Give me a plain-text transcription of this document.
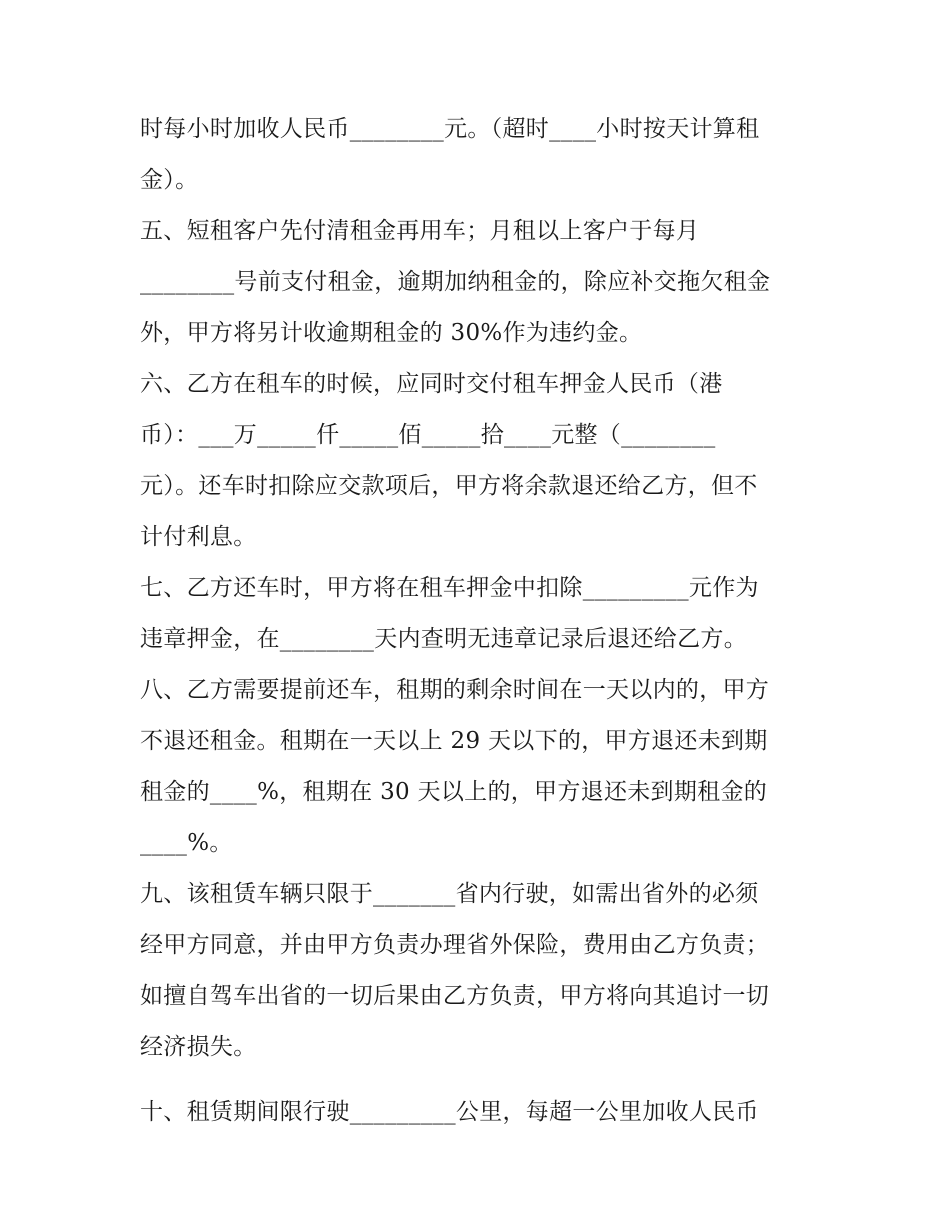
时每小时加收人民币________元。（超时____小时按天计算租
金）。
五、短租客户先付清租金再用车；月租以上客户于每月
________号前支付租金，逾期加纳租金的，除应补交拖欠租金
外，甲方将另计收逾期租金的 30%作为违约金。
六、乙方在租车的时候，应同时交付租车押金人民币（港
币）：___万_____仟_____佰_____拾____元整（________
元）。还车时扣除应交款项后，甲方将余款退还给乙方，但不
计付利息。
七、乙方还车时，甲方将在租车押金中扣除_________元作为
违章押金，在________天内查明无违章记录后退还给乙方。
八、乙方需要提前还车，租期的剩余时间在一天以内的，甲方
不退还租金。租期在一天以上 29 天以下的，甲方退还未到期
租金的____%，租期在 30 天以上的，甲方退还未到期租金的
____%。
九、该租赁车辆只限于_______省内行驶，如需出省外的必须
经甲方同意，并由甲方负责办理省外保险，费用由乙方负责；
如擅自驾车出省的一切后果由乙方负责，甲方将向其追讨一切
经济损失。
十、租赁期间限行驶_________公里，每超一公里加收人民币
